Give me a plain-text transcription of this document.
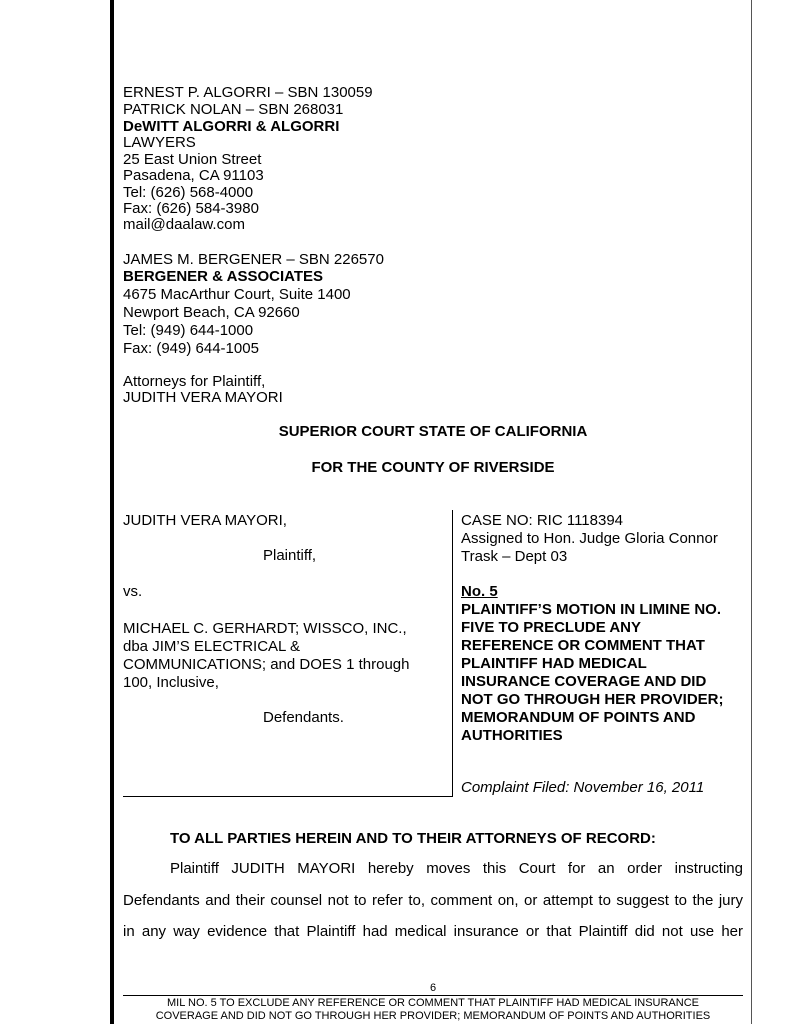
ERNEST P. ALGORRI – SBN 130059
PATRICK NOLAN – SBN 268031
DeWITT ALGORRI & ALGORRI
LAWYERS
25 East Union Street
Pasadena, CA 91103
Tel: (626) 568-4000
Fax: (626) 584-3980
mail@daalaw.com
JAMES M. BERGENER – SBN 226570
BERGENER & ASSOCIATES
4675 MacArthur Court, Suite 1400
Newport Beach, CA 92660
Tel: (949) 644-1000
Fax: (949) 644-1005
Attorneys for Plaintiff,
JUDITH VERA MAYORI
SUPERIOR COURT STATE OF CALIFORNIA
FOR THE COUNTY OF RIVERSIDE
JUDITH VERA MAYORI,
Plaintiff,
vs.
MICHAEL C. GERHARDT; WISSCO, INC.,
dba JIM’S ELECTRICAL &
COMMUNICATIONS; and DOES 1 through
100, Inclusive,
Defendants.
CASE NO: RIC 1118394
Assigned to Hon. Judge Gloria Connor
Trask – Dept 03
No. 5
PLAINTIFF’S MOTION IN LIMINE NO.
FIVE TO PRECLUDE ANY
REFERENCE OR COMMENT THAT
PLAINTIFF HAD MEDICAL
INSURANCE COVERAGE AND DID
NOT GO THROUGH HER PROVIDER;
MEMORANDUM OF POINTS AND
AUTHORITIES
Complaint Filed: November 16, 2011
TO ALL PARTIES HEREIN AND TO THEIR ATTORNEYS OF RECORD:
Plaintiff JUDITH MAYORI hereby moves this Court for an order instructing
Defendants and their counsel not to refer to, comment on, or attempt to suggest to the jury
in any way evidence that Plaintiff had medical insurance or that Plaintiff did not use her
6
MIL NO. 5 TO EXCLUDE ANY REFERENCE OR COMMENT THAT PLAINTIFF HAD MEDICAL INSURANCE
COVERAGE AND DID NOT GO THROUGH HER PROVIDER; MEMORANDUM OF POINTS AND AUTHORITIES
